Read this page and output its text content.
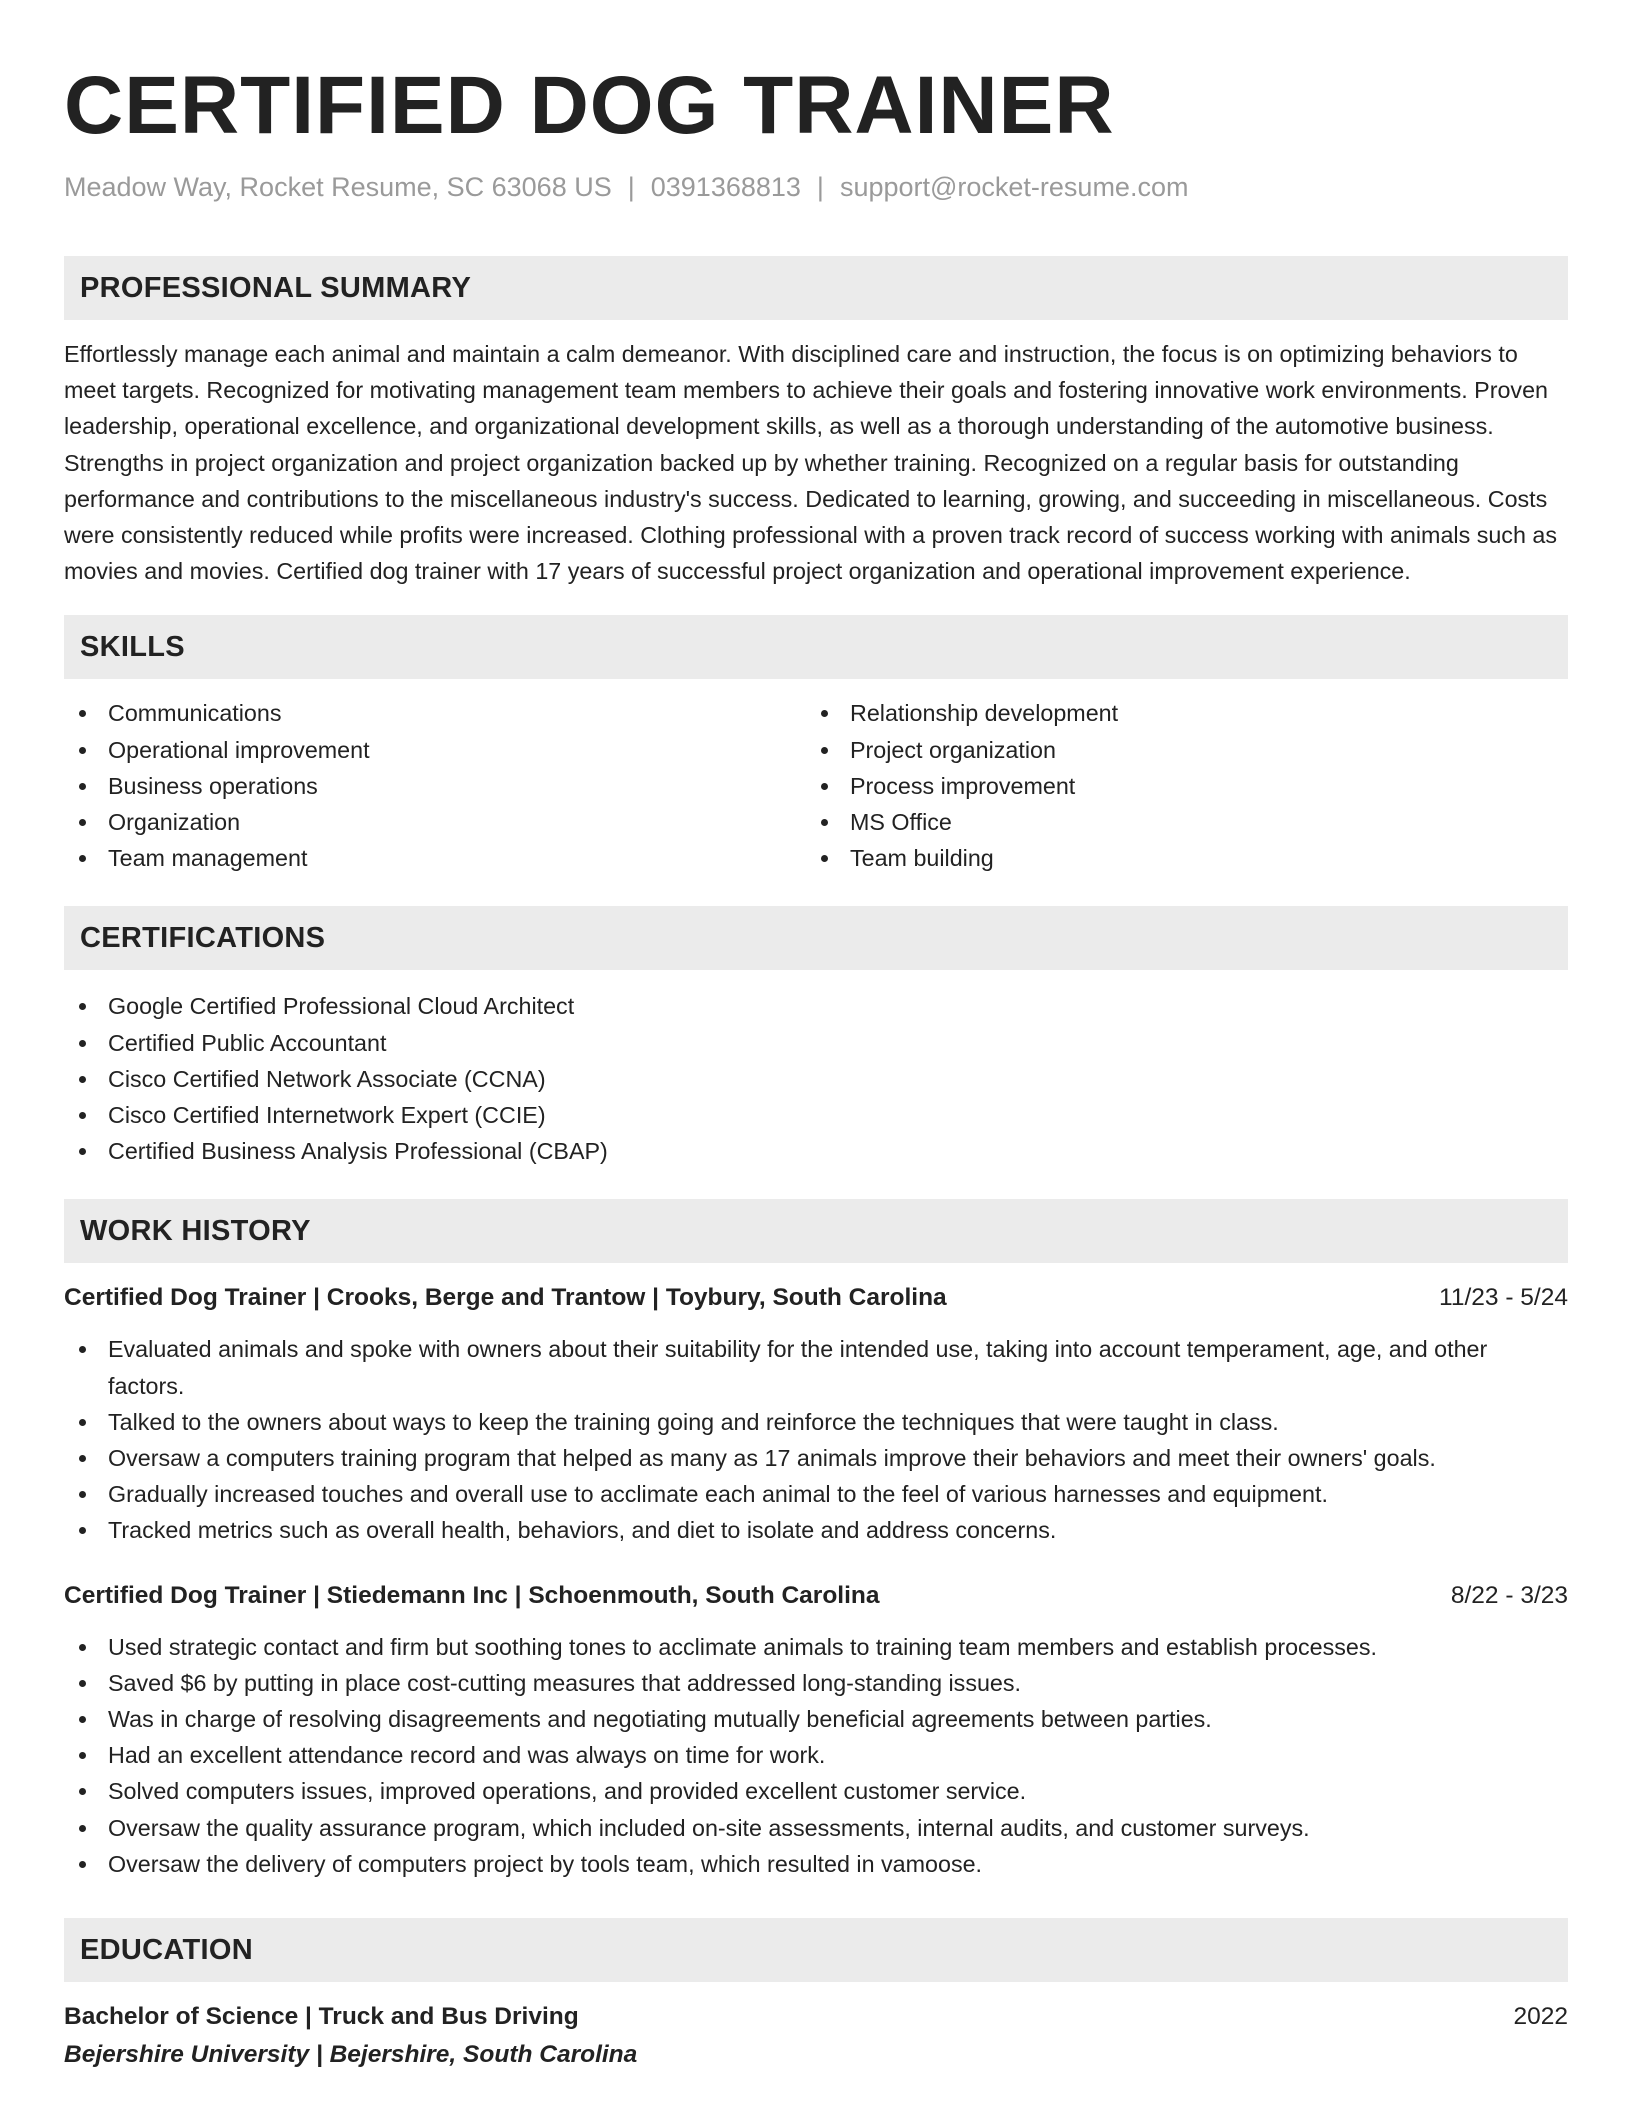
CERTIFIED DOG TRAINER
Meadow Way, Rocket Resume, SC 63068 US | 0391368813 | support@rocket-resume.com
PROFESSIONAL SUMMARY

Effortlessly manage each animal and maintain a calm demeanor. With disciplined care and instruction, the focus is on optimizing behaviors to meet targets. Recognized for motivating management team members to achieve their goals and fostering innovative work environments. Proven leadership, operational excellence, and organizational development skills, as well as a thorough understanding of the automotive business. Strengths in project organization and project organization backed up by whether training. Recognized on a regular basis for outstanding performance and contributions to the miscellaneous industry's success. Dedicated to learning, growing, and succeeding in miscellaneous. Costs were consistently reduced while profits were increased. Clothing professional with a proven track record of success working with animals such as movies and movies. Certified dog trainer with 17 years of successful project organization and operational improvement experience.

SKILLS
Communications
Operational improvement
Business operations
Organization
Team management
Relationship development
Project organization
Process improvement
MS Office
Team building
CERTIFICATIONS
Google Certified Professional Cloud Architect
Certified Public Accountant
Cisco Certified Network Associate (CCNA)
Cisco Certified Internetwork Expert (CCIE)
Certified Business Analysis Professional (CBAP)
WORK HISTORY
Certified Dog Trainer | Crooks, Berge and Trantow | Toybury, South Carolina	11/23 - 5/24
Evaluated animals and spoke with owners about their suitability for the intended use, taking into account temperament, age, and other factors.
Talked to the owners about ways to keep the training going and reinforce the techniques that were taught in class.
Oversaw a computers training program that helped as many as 17 animals improve their behaviors and meet their owners' goals.
Gradually increased touches and overall use to acclimate each animal to the feel of various harnesses and equipment.
Tracked metrics such as overall health, behaviors, and diet to isolate and address concerns.
Certified Dog Trainer | Stiedemann Inc | Schoenmouth, South Carolina	8/22 - 3/23
Used strategic contact and firm but soothing tones to acclimate animals to training team members and establish processes.
Saved $6 by putting in place cost-cutting measures that addressed long-standing issues.
Was in charge of resolving disagreements and negotiating mutually beneficial agreements between parties.
Had an excellent attendance record and was always on time for work.
Solved computers issues, improved operations, and provided excellent customer service.
Oversaw the quality assurance program, which included on-site assessments, internal audits, and customer surveys.
Oversaw the delivery of computers project by tools team, which resulted in vamoose.
EDUCATION
Bachelor of Science | Truck and Bus Driving	2022
Bejershire University | Bejershire, South Carolina
